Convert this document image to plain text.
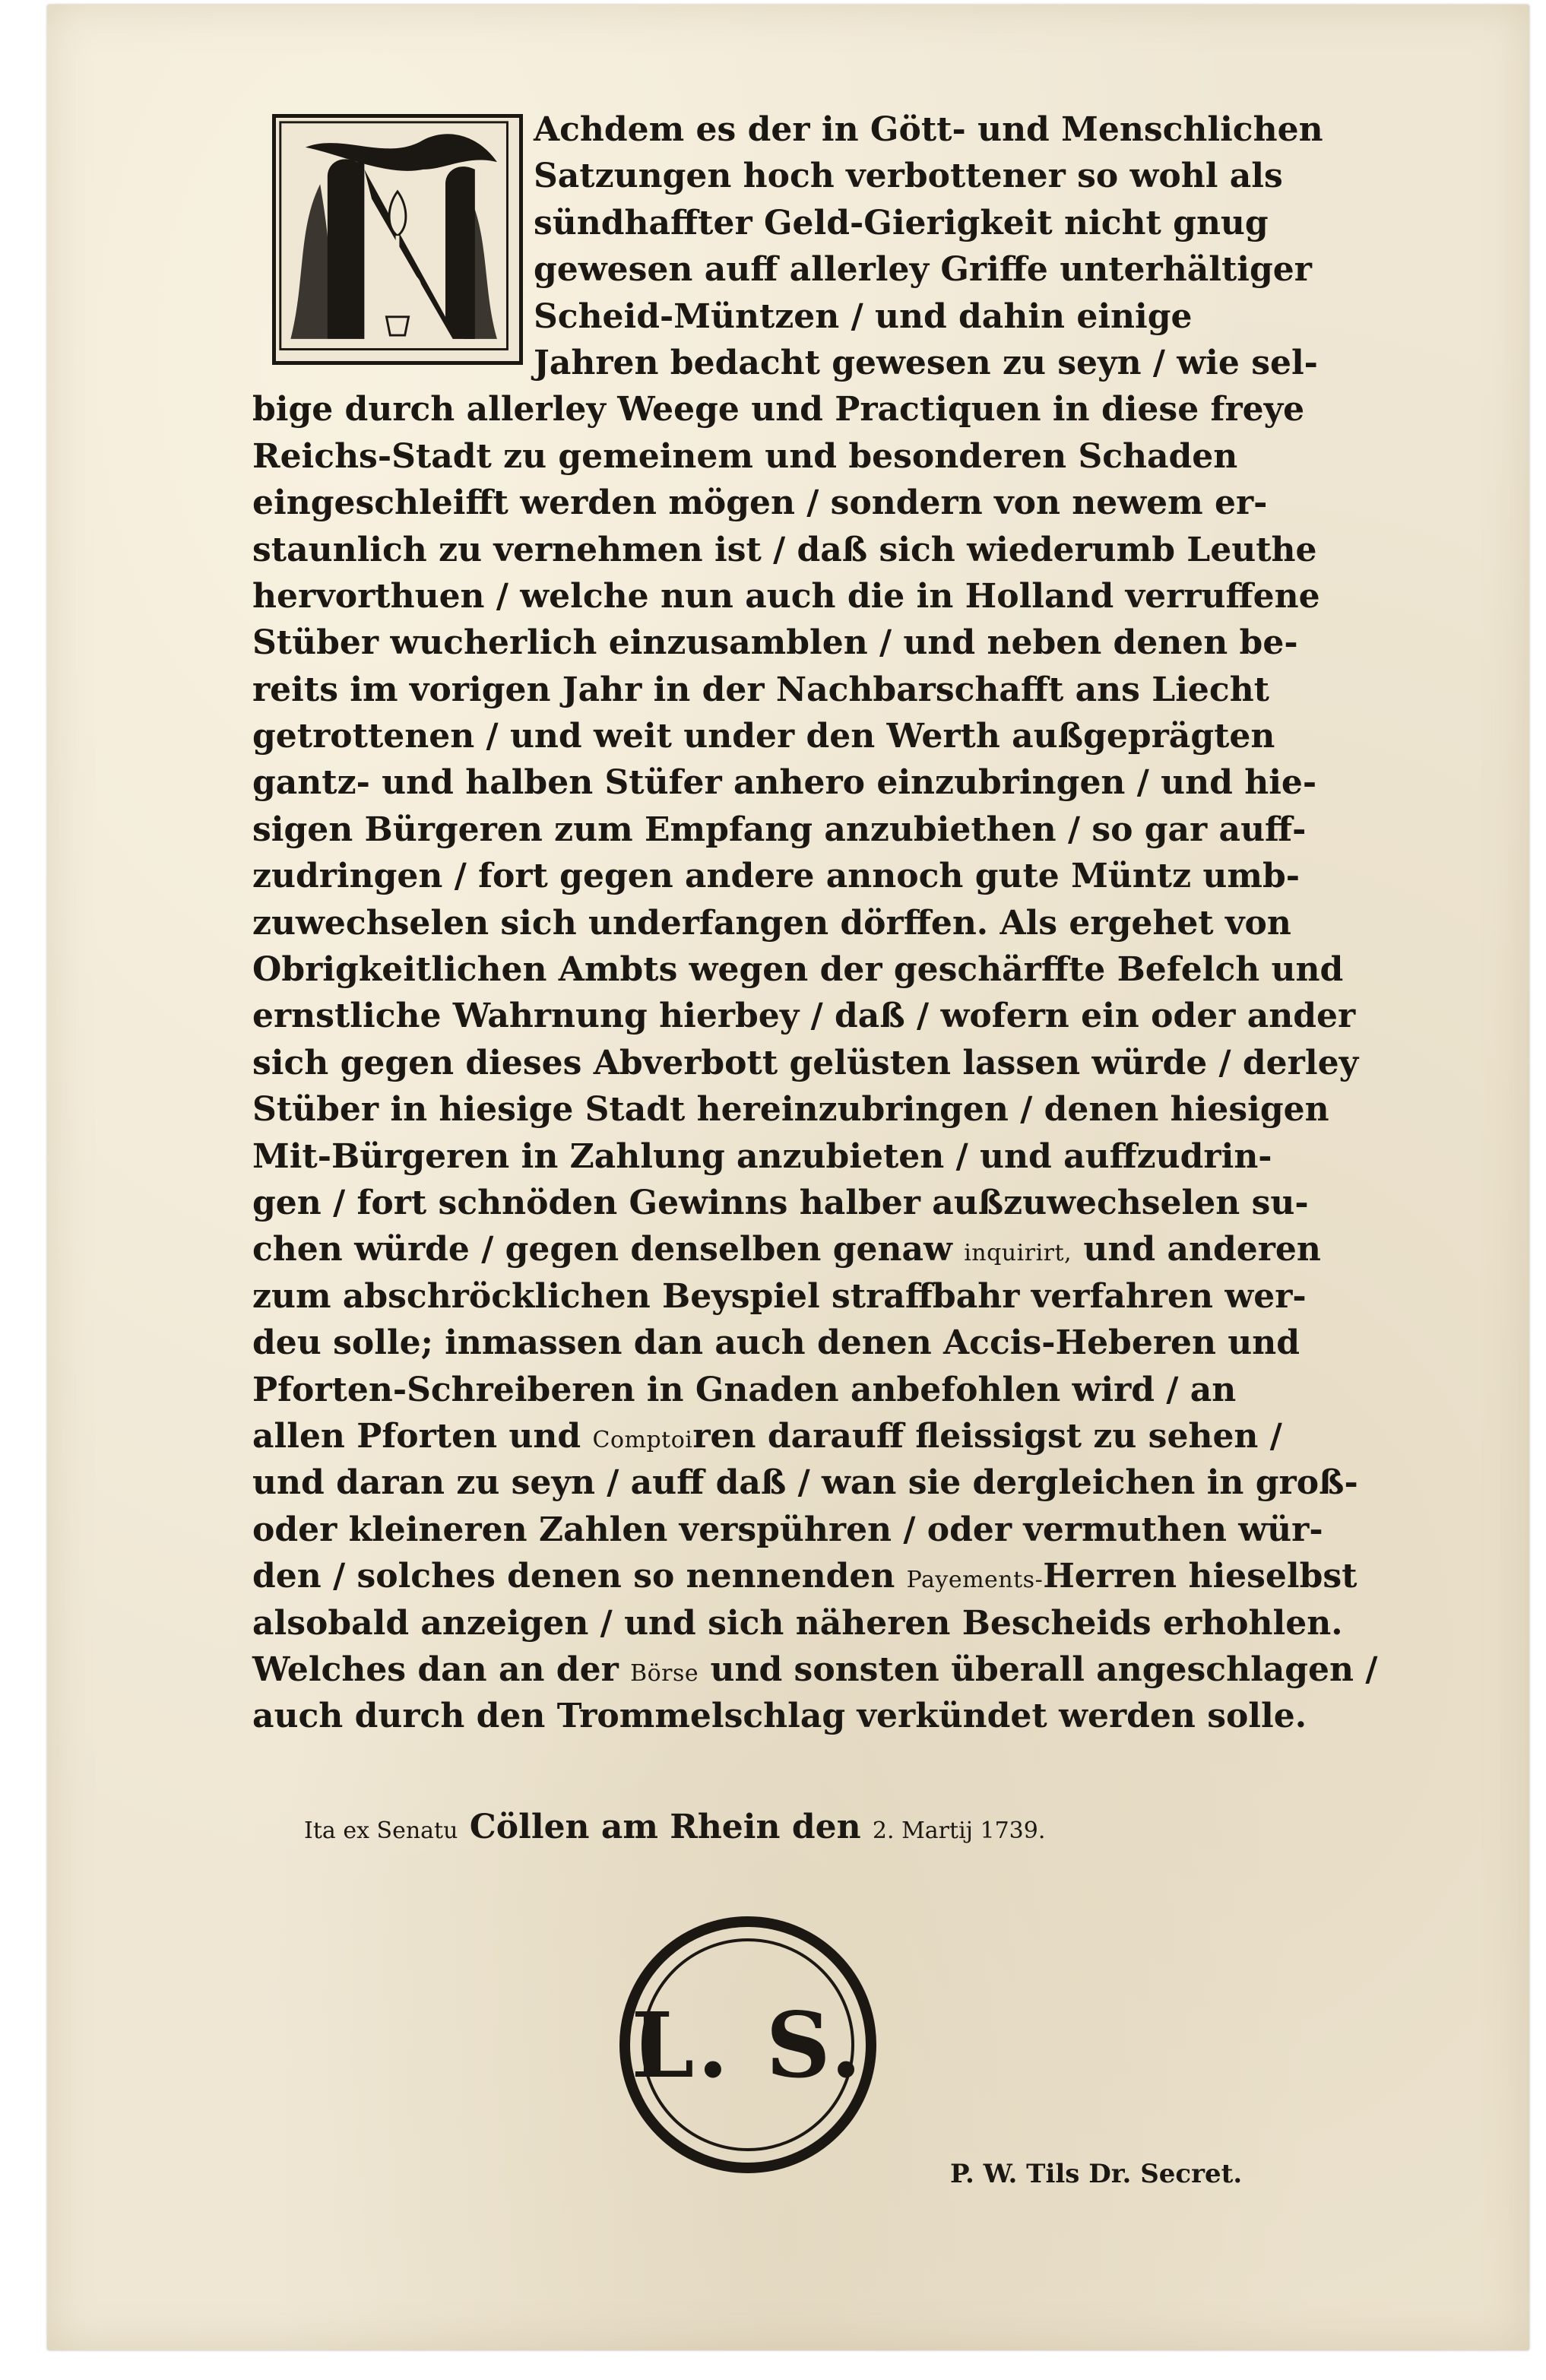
Achdem es der in Gött- und Menschlichen
Satzungen hoch verbottener so wohl als
sündhaffter Geld-Gierigkeit nicht gnug
gewesen auff allerley Griffe unterhältiger
Scheid-Müntzen / und dahin einige
Jahren bedacht gewesen zu seyn / wie sel-
bige durch allerley Weege und Practiquen in diese freye
Reichs-Stadt zu gemeinem und besonderen Schaden
eingeschleifft werden mögen / sondern von newem er-
staunlich zu vernehmen ist / daß sich wiederumb Leuthe
hervorthuen / welche nun auch die in Holland verruffene
Stüber wucherlich einzusamblen / und neben denen be-
reits im vorigen Jahr in der Nachbarschafft ans Liecht
getrottenen / und weit under den Werth außgeprägten
gantz- und halben Stüfer anhero einzubringen / und hie-
sigen Bürgeren zum Empfang anzubiethen / so gar auff-
zudringen / fort gegen andere annoch gute Müntz umb-
zuwechselen sich underfangen dörffen. Als ergehet von
Obrigkeitlichen Ambts wegen der geschärffte Befelch und
ernstliche Wahrnung hierbey / daß / wofern ein oder ander
sich gegen dieses Abverbott gelüsten lassen würde / derley
Stüber in hiesige Stadt hereinzubringen / denen hiesigen
Mit-Bürgeren in Zahlung anzubieten / und auffzudrin-
gen / fort schnöden Gewinns halber außzuwechselen su-
chen würde / gegen denselben genaw inquirirt, und anderen
zum abschröcklichen Beyspiel straffbahr verfahren wer-
deu solle; inmassen dan auch denen Accis-Heberen und
Pforten-Schreiberen in Gnaden anbefohlen wird / an
allen Pforten und Comptoiren darauff fleissigst zu sehen /
und daran zu seyn / auff daß / wan sie dergleichen in groß-
oder kleineren Zahlen verspühren / oder vermuthen wür-
den / solches denen so nennenden Payements-Herren hieselbst
alsobald anzeigen / und sich näheren Bescheids erhohlen.
Welches dan an der Börse und sonsten überall angeschlagen /
auch durch den Trommelschlag verkündet werden solle.
Ita ex Senatu Cöllen am Rhein den 2. Martij 1739.
L. S.
P. W. Tils Dr. Secret.
